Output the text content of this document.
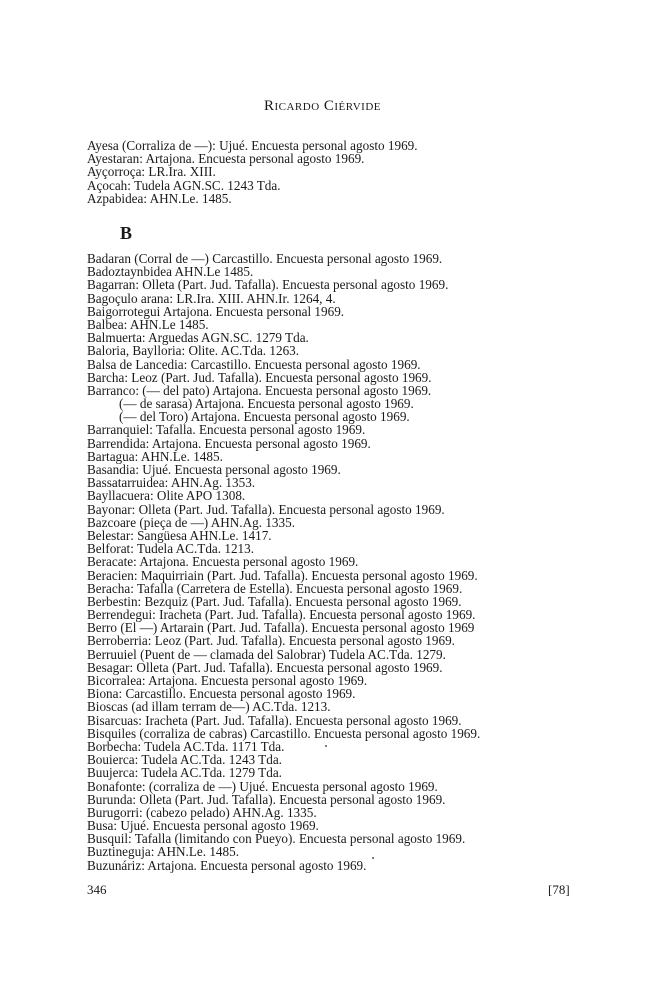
Ricardo Ciérvide
Ayesa (Corraliza de —): Ujué. Encuesta personal agosto 1969.
Ayestaran: Artajona. Encuesta personal agosto 1969.
Ayçorroça: LR.Ira. XIII.
Açocah: Tudela AGN.SC. 1243 Tda.
Azpabidea: AHN.Le. 1485.
B
Badaran (Corral de —) Carcastillo. Encuesta personal agosto 1969.
Badoztaynbidea AHN.Le 1485.
Bagarran: Olleta (Part. Jud. Tafalla). Encuesta personal agosto 1969.
Bagoçulo arana: LR.Ira. XIII. AHN.Ir. 1264, 4.
Baigorrotegui Artajona. Encuesta personal 1969.
Balbea: AHN.Le 1485.
Balmuerta: Arguedas AGN.SC. 1279 Tda.
Baloria, Baylloria: Olite. AC.Tda. 1263.
Balsa de Lancedia: Carcastillo. Encuesta personal agosto 1969.
Barcha: Leoz (Part. Jud. Tafalla). Encuesta personal agosto 1969.
Barranco: (— del pato) Artajona. Encuesta personal agosto 1969.
(— de sarasa) Artajona. Encuesta personal agosto 1969.
(— del Toro) Artajona. Encuesta personal agosto 1969.
Barranquiel: Tafalla. Encuesta personal agosto 1969.
Barrendida: Artajona. Encuesta personal agosto 1969.
Bartagua: AHN.Le. 1485.
Basandia: Ujué. Encuesta personal agosto 1969.
Bassatarruidea: AHN.Ag. 1353.
Bayllacuera: Olite APO 1308.
Bayonar: Olleta (Part. Jud. Tafalla). Encuesta personal agosto 1969.
Bazcoare (pieça de —) AHN.Ag. 1335.
Belestar: Sangüesa AHN.Le. 1417.
Belforat: Tudela AC.Tda. 1213.
Beracate: Artajona. Encuesta personal agosto 1969.
Beracien: Maquirriain (Part. Jud. Tafalla). Encuesta personal agosto 1969.
Beracha: Tafalla (Carretera de Estella). Encuesta personal agosto 1969.
Berbestin: Bezquiz (Part. Jud. Tafalla). Encuesta personal agosto 1969.
Berrendegui: Iracheta (Part. Jud. Tafalla). Encuesta personal agosto 1969.
Berro (El —) Artarain (Part. Jud. Tafalla). Encuesta personal agosto 1969
Berroberria: Leoz (Part. Jud. Tafalla). Encuesta personal agosto 1969.
Berruuiel (Puent de — clamada del Salobrar) Tudela AC.Tda. 1279.
Besagar: Olleta (Part. Jud. Tafalla). Encuesta personal agosto 1969.
Bicorralea: Artajona. Encuesta personal agosto 1969.
Biona: Carcastillo. Encuesta personal agosto 1969.
Bioscas (ad illam terram de—) AC.Tda. 1213.
Bisarcuas: Iracheta (Part. Jud. Tafalla). Encuesta personal agosto 1969.
Bisquiles (corraliza de cabras) Carcastillo. Encuesta personal agosto 1969.
Borbecha: Tudela AC.Tda. 1171 Tda.
Bouierca: Tudela AC.Tda. 1243 Tda.
Buujerca: Tudela AC.Tda. 1279 Tda.
Bonafonte: (corraliza de —) Ujué. Encuesta personal agosto 1969.
Burunda: Olleta (Part. Jud. Tafalla). Encuesta personal agosto 1969.
Burugorri: (cabezo pelado) AHN.Ag. 1335.
Busa: Ujué. Encuesta personal agosto 1969.
Busquil: Tafalla (limitando con Pueyo). Encuesta personal agosto 1969.
Buztineguja: AHN.Le. 1485.
Buzunáriz: Artajona. Encuesta personal agosto 1969.
346	[78]
